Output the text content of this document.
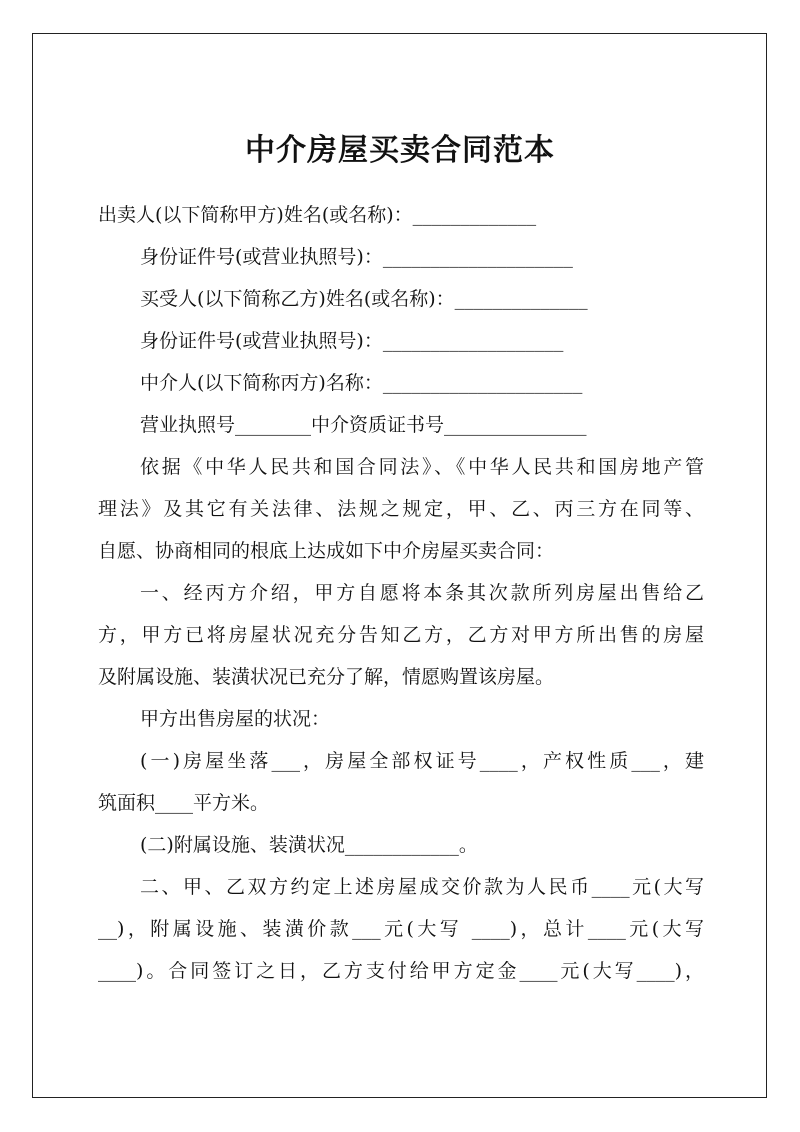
中介房屋买卖合同范本
出卖人(以下简称甲方)姓名(或名称)：_____________
身份证件号(或营业执照号)：____________________
买受人(以下简称乙方)姓名(或名称)：______________
身份证件号(或营业执照号)：___________________
中介人(以下简称丙方)名称：_____________________
营业执照号________中介资质证书号_______________
依据《中华人民共和国合同法》、《中华人民共和国房地产管
理法》及其它有关法律、法规之规定，甲、乙、丙三方在同等、
自愿、协商相同的根底上达成如下中介房屋买卖合同：
一、经丙方介绍，甲方自愿将本条其次款所列房屋出售给乙
方，甲方已将房屋状况充分告知乙方，乙方对甲方所出售的房屋
及附属设施、装潢状况已充分了解，情愿购置该房屋。
甲方出售房屋的状况：
(一)房屋坐落___，房屋全部权证号____，产权性质___，建
筑面积____平方米。
(二)附属设施、装潢状况____________。
二、甲、乙双方约定上述房屋成交价款为人民币____元(大写
__)，附属设施、装潢价款___元(大写 ____)，总计____元(大写
____)。合同签订之日，乙方支付给甲方定金____元(大写____)，
